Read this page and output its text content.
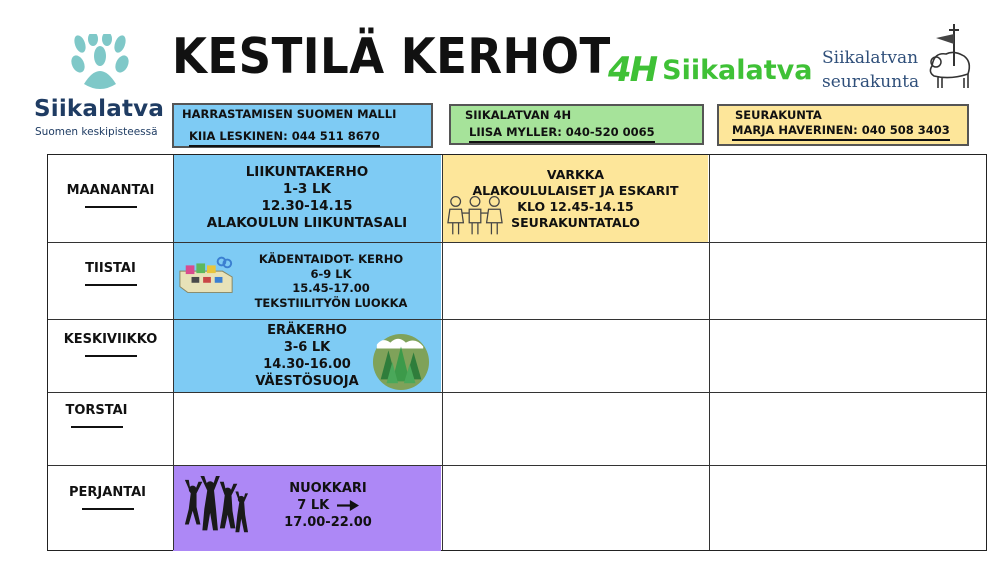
Siikalatva
Suomen keskipisteessä
KESTILÄ KERHOT
4H Siikalatva Siikalatvan
seurakunta
HARRASTAMISEN SUOMEN MALLI
KIIA LESKINEN: 044 511 8670
SIIKALATVAN 4H
LIISA MYLLER: 040-520 0065
SEURAKUNTA
MARJA HAVERINEN: 040 508 3403
MAANANTAI
TIISTAI
KESKIVIIKKO
TORSTAI
PERJANTAI
LIIKUNTAKERHO
1-3 LK
12.30-14.15
ALAKOULUN LIIKUNTASALI
VARKKA
ALAKOULULAISET JA ESKARIT
KLO 12.45-14.15
SEURAKUNTATALO
KÄDENTAIDOT- KERHO
6-9 LK
15.45-17.00
TEKSTIILITYÖN LUOKKA
ERÄKERHO
3-6 LK
14.30-16.00
VÄESTÖSUOJA
NUOKKARI
7 LK
17.00-22.00
